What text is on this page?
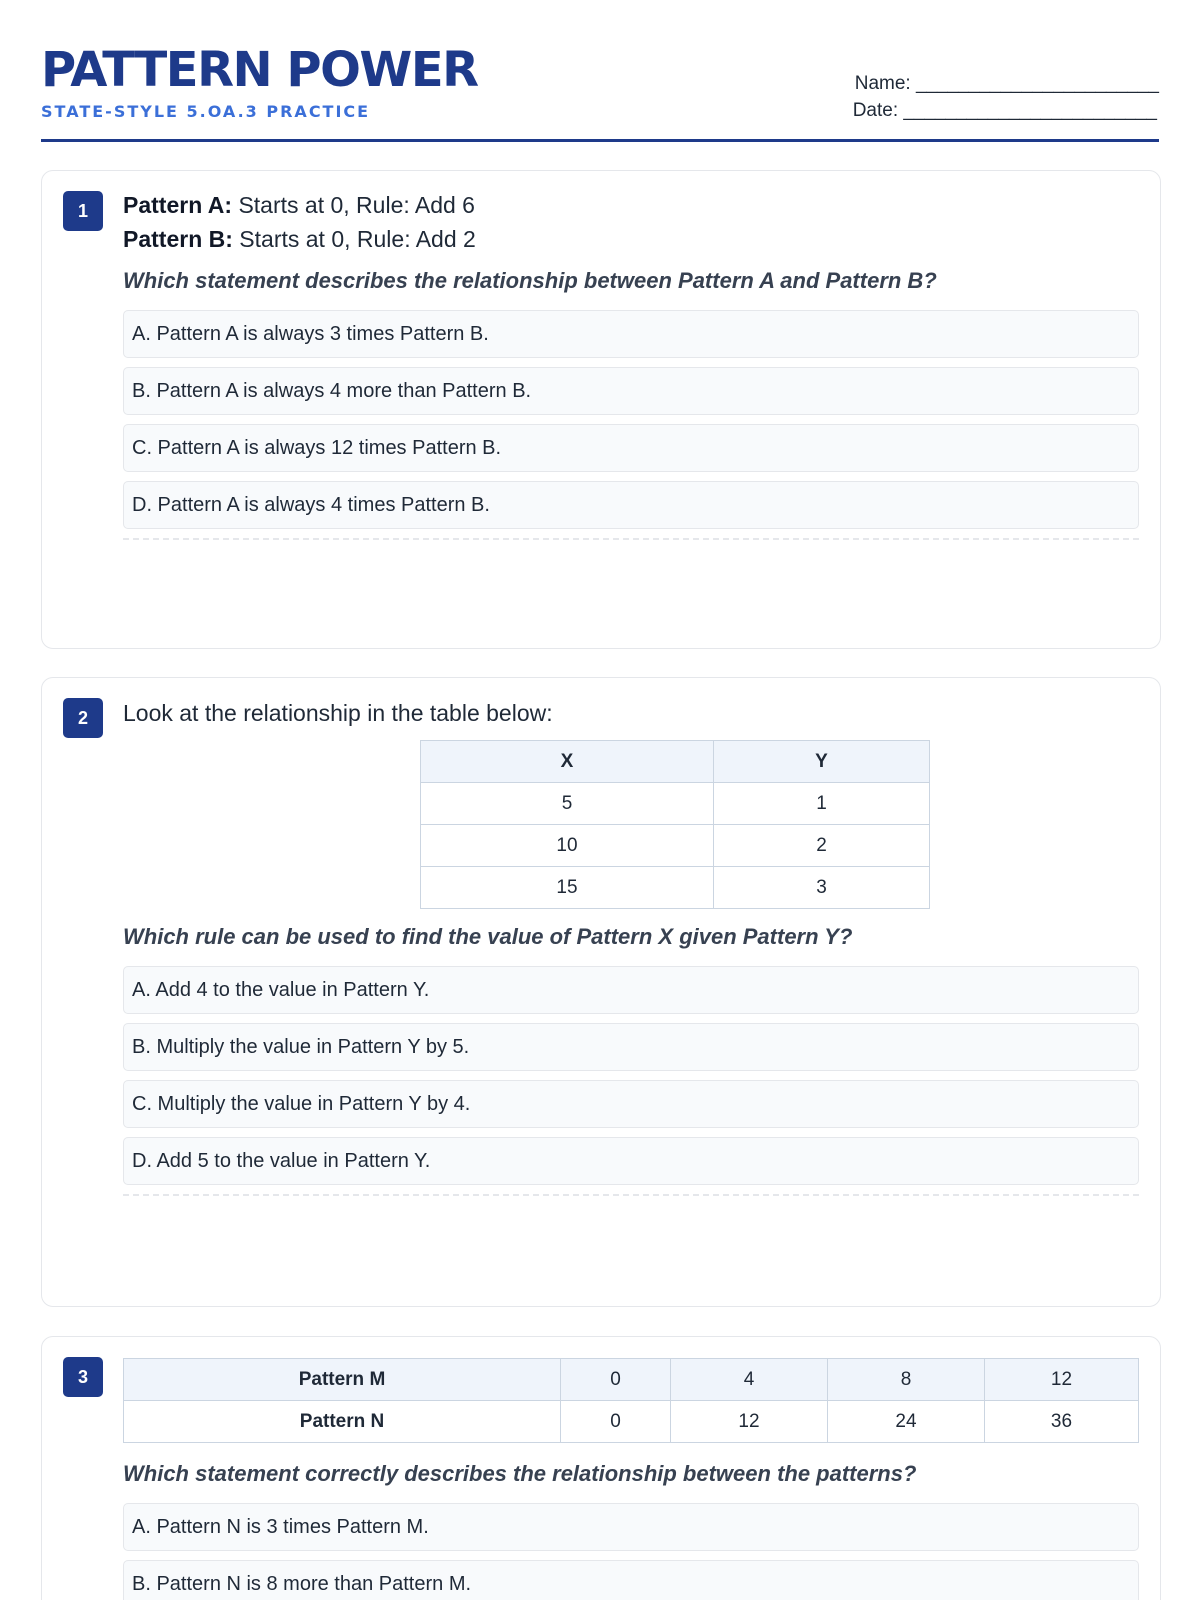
PATTERN POWER
STATE-STYLE 5.OA.3 PRACTICE
Name: _______________________
Date: ________________________
1	Pattern A: Starts at 0, Rule: Add 6
Pattern B: Starts at 0, Rule: Add 2
Which statement describes the relationship between Pattern A and Pattern B?
A. Pattern A is always 3 times Pattern B.
B. Pattern A is always 4 more than Pattern B.
C. Pattern A is always 12 times Pattern B.
D. Pattern A is always 4 times Pattern B.
2	Look at the relationship in the table below:
X	Y
5	1
10	2
15	3
Which rule can be used to find the value of Pattern X given Pattern Y?
A. Add 4 to the value in Pattern Y.
B. Multiply the value in Pattern Y by 5.
C. Multiply the value in Pattern Y by 4.
D. Add 5 to the value in Pattern Y.
3	Pattern M	0	4	8	12
Pattern N	0	12	24	36
Which statement correctly describes the relationship between the patterns?
A. Pattern N is 3 times Pattern M.
B. Pattern N is 8 more than Pattern M.
